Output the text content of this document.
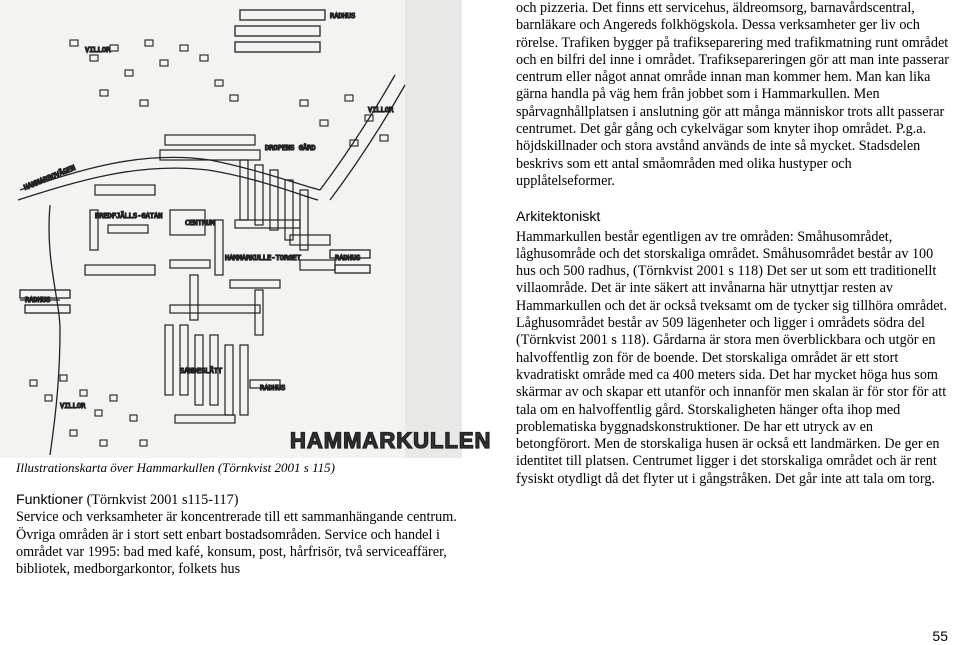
RADHUS
VILLOR
VILLOR
HAMMARBOVÄGEN
DROPENS GÅRD
BREDFJÄLLS-GATAN
CENTRUM
HAMMARKULLE-TORGET	RADHUS
RADHUS
SANDESLÄTT
RADHUS
VILLOR
HAMMARKULLEN
Illustrationskarta över Hammarkullen (Törnkvist 2001 s 115)
Funktioner (Törnkvist 2001 s115-117)
Service och verksamheter är koncentrerade till ett sammanhängande centrum. Övriga områden är i stort sett enbart bostadsområden. Service och handel i området var 1995: bad med kafé, konsum, post, hårfrisör, två serviceaffärer, bibliotek, medborgarkontor, folkets hus

och pizzeria. Det finns ett servicehus, äldreomsorg, barnavårdscentral, barnläkare och Angereds folkhögskola. Dessa verksamheter ger liv och rörelse. Trafiken bygger på trafikseparering med trafikmatning runt området och en bilfri del inne i området. Trafiksepareringen gör att man inte passerar centrum eller något annat område innan man kommer hem. Man kan lika gärna handla på väg hem från jobbet som i Hammarkullen. Men spårvagnhållplatsen i anslutning gör att många människor trots allt passerar centrumet. Det går gång och cykelvägar som knyter ihop området. P.g.a. höjdskillnader och stora avstånd används de inte så mycket. Stadsdelen beskrivs som ett antal småområden med olika hustyper och upplåtelseformer.

Arkitektoniskt

Hammarkullen består egentligen av tre områden: Småhusområdet, låghusområde och det storskaliga området. Småhusområdet består av 100 hus och 500 radhus, (Törnkvist 2001 s 118) Det ser ut som ett traditionellt villaområde. Det är inte säkert att invånarna här utnyttjar resten av Hammarkullen och det är också tveksamt om de tycker sig tillhöra området. Låghusområdet består av 509 lägenheter och ligger i områdets södra del (Törnkvist 2001 s 118). Gårdarna är stora men överblickbara och utgör en halvoffentlig zon för de boende. Det storskaliga området är ett stort kvadratiskt område med ca 400 meters sida. Det har mycket höga hus som skärmar av och skapar ett utanför och innanför men skalan är för stor för att tala om en halvoffentlig gård. Storskaligheten hänger ofta ihop med problematiska byggnadskonstruktioner. De har ett utryck av en betongförort. Men de storskaliga husen är också ett landmärken. De ger en identitet till platsen. Centrumet ligger i det storskaliga området och är rent fysiskt otydligt då det flyter ut i gångstråken. Det går inte att tala om torg.

55
